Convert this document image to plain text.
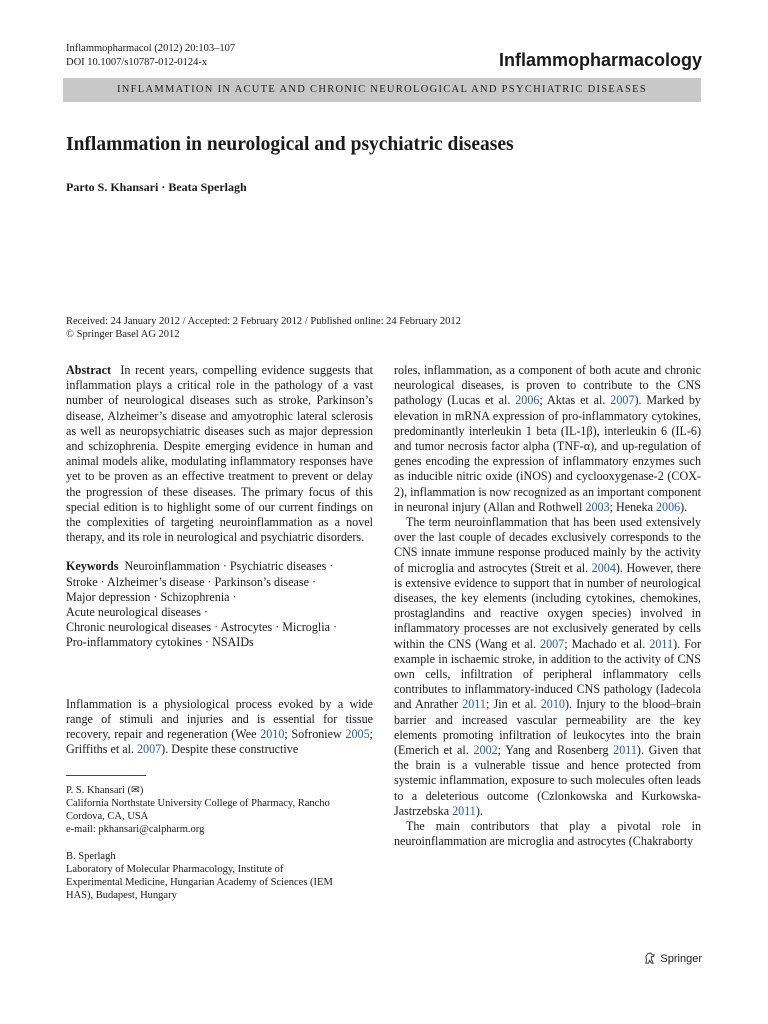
Inflammopharmacol (2012) 20:103–107
DOI 10.1007/s10787-012-0124-x	Inflammopharmacology
INFLAMMATION IN ACUTE AND CHRONIC NEUROLOGICAL AND PSYCHIATRIC DISEASES
Inflammation in neurological and psychiatric diseases
Parto S. Khansari · Beata Sperlagh
Received: 24 January 2012 / Accepted: 2 February 2012 / Published online: 24 February 2012
© Springer Basel AG 2012

Abstract In recent years, compelling evidence suggests that inflammation plays a critical role in the pathology of a vast number of neurological diseases such as stroke, Parkinson’s disease, Alzheimer’s disease and amyotrophic lateral sclerosis as well as neuropsychiatric diseases such as major depression and schizophrenia. Despite emerging evidence in human and animal models alike, modulating inflammatory responses have yet to be proven as an effective treatment to prevent or delay the progression of these diseases. The primary focus of this special edition is to highlight some of our current findings on the complexities of targeting neuroinflammation as a novel therapy, and its role in neurological and psychiatric disorders.

Keywords Neuroinflammation · Psychiatric diseases ·
Stroke · Alzheimer’s disease · Parkinson’s disease ·
Major depression · Schizophrenia ·
Acute neurological diseases ·
Chronic neurological diseases · Astrocytes · Microglia ·
Pro-inflammatory cytokines · NSAIDs

Inflammation is a physiological process evoked by a wide range of stimuli and injuries and is essential for tissue recovery, repair and regeneration (Wee 2010; Sofroniew 2005; Griffiths et al. 2007). Despite these constructive

P. S. Khansari (✉)
California Northstate University College of Pharmacy, Rancho
Cordova, CA, USA
e-mail: pkhansari@calpharm.org
B. Sperlagh
Laboratory of Molecular Pharmacology, Institute of
Experimental Medicine, Hungarian Academy of Sciences (IEM
HAS), Budapest, Hungary

roles, inflammation, as a component of both acute and chronic neurological diseases, is proven to contribute to the CNS pathology (Lucas et al. 2006; Aktas et al. 2007). Marked by elevation in mRNA expression of pro-inflammatory cytokines, predominantly interleukin 1 beta (IL-1β), interleukin 6 (IL-6) and tumor necrosis factor alpha (TNF-α), and up-regulation of genes encoding the expression of inflammatory enzymes such as inducible nitric oxide (iNOS) and cyclooxygenase-2 (COX-2), inflammation is now recognized as an important component in neuronal injury (Allan and Rothwell 2003; Heneka 2006).

The term neuroinflammation that has been used extensively over the last couple of decades exclusively corresponds to the CNS innate immune response produced mainly by the activity of microglia and astrocytes (Streit et al. 2004). However, there is extensive evidence to support that in number of neurological diseases, the key elements (including cytokines, chemokines, prostaglandins and reactive oxygen species) involved in inflammatory processes are not exclusively generated by cells within the CNS (Wang et al. 2007; Machado et al. 2011). For example in ischaemic stroke, in addition to the activity of CNS own cells, infiltration of peripheral inflammatory cells contributes to inflammatory-induced CNS pathology (Iadecola and Anrather 2011; Jin et al. 2010). Injury to the blood–brain barrier and increased vascular permeability are the key elements promoting infiltration of leukocytes into the brain (Emerich et al. 2002; Yang and Rosenberg 2011). Given that the brain is a vulnerable tissue and hence protected from systemic inflammation, exposure to such molecules often leads to a deleterious outcome (Czlonkowska and Kurkowska-Jastrzebska 2011).

The main contributors that play a pivotal role in neuroinflammation are microglia and astrocytes (Chakraborty

Springer
